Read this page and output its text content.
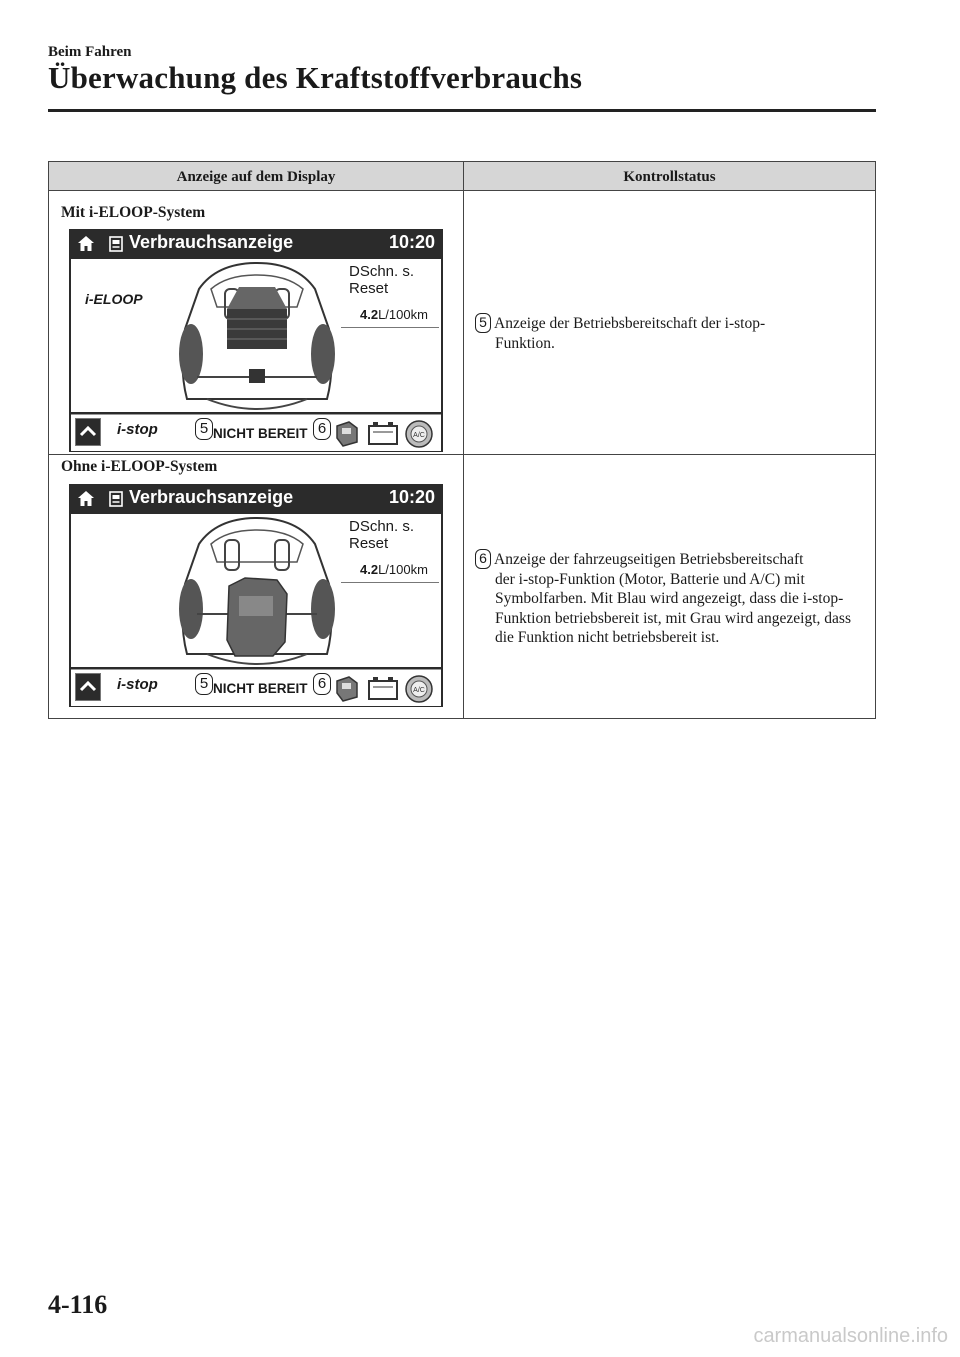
Beim Fahren
Überwachung des Kraftstoffverbrauchs
Anzeige auf dem Display	Kontrollstatus
Mit i-ELOOP-System
Verbrauchsanzeige	10:20
i-ELOOP
DSchn. s. Reset
4.2L/100km
i-stop	5 NICHT BEREIT 6	A/C
5 Anzeige der Betriebsbereitschaft der i-stop-
Funktion.
Ohne i-ELOOP-System
Verbrauchsanzeige	10:20
DSchn. s. Reset
4.2L/100km
i-stop	5 NICHT BEREIT 6	A/C
6 Anzeige der fahrzeugseitigen Betriebsbereitschaft
der i-stop-Funktion (Motor, Batterie und A/C) mit Symbolfarben. Mit Blau wird angezeigt, dass die i-stop-Funktion betriebsbereit ist, mit Grau wird angezeigt, dass die Funktion nicht betriebsbereit ist.
4-116
carmanualsonline.info
